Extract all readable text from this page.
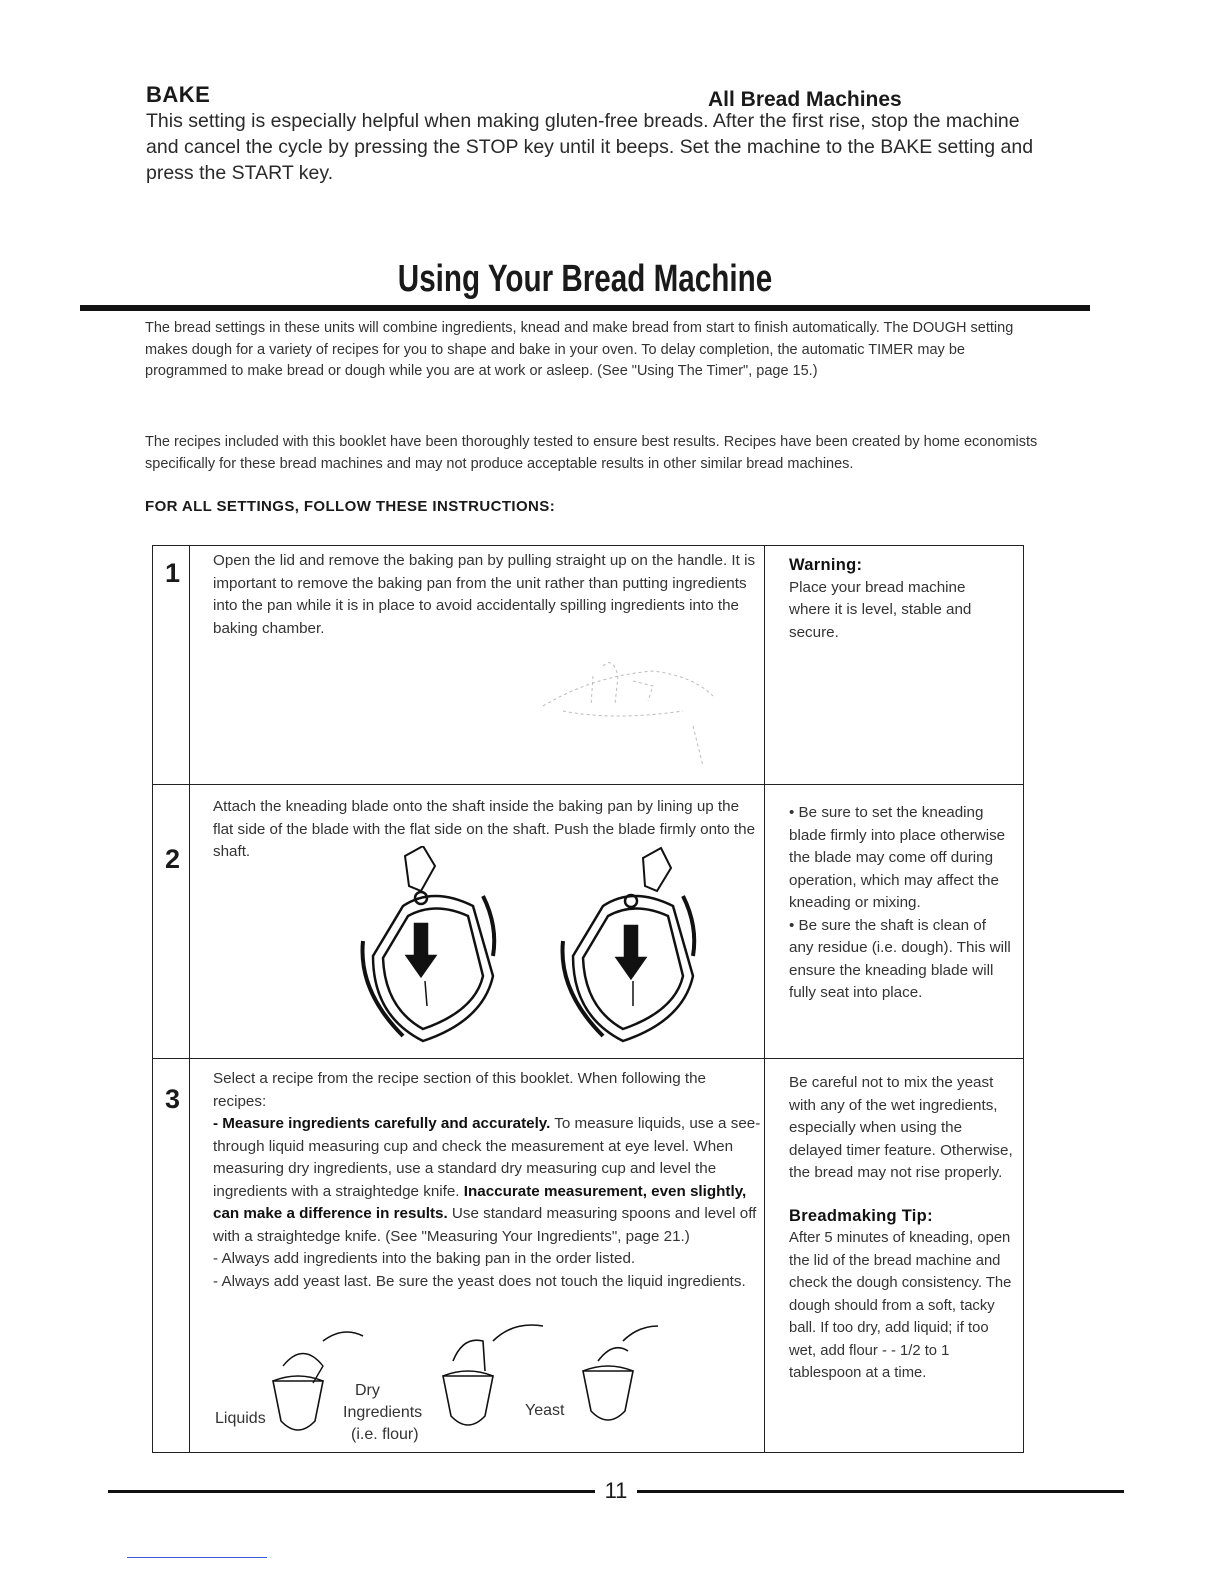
BAKE	All Bread Machines
This setting is especially helpful when making gluten-free breads. After the first rise, stop the machine and cancel the cycle by pressing the STOP key until it beeps. Set the machine to the BAKE setting and press the START key.
Using Your Bread Machine
The bread settings in these units will combine ingredients, knead and make bread from start to finish automatically. The DOUGH setting makes dough for a variety of recipes for you to shape and bake in your oven. To delay completion, the automatic TIMER may be programmed to make bread or dough while you are at work or asleep. (See "Using The Timer", page 15.)
The recipes included with this booklet have been thoroughly tested to ensure best results. Recipes have been created by home economists specifically for these bread machines and may not produce acceptable results in other similar bread machines.
FOR ALL SETTINGS, FOLLOW THESE INSTRUCTIONS:
1 Open the lid and remove the baking pan by pulling straight up on the handle. It is important to remove the baking pan from the unit rather than putting ingredients into the pan while it is in place to avoid accidentally spilling ingredients into the baking chamber.
Warning:
Place your bread machine where it is level, stable and secure.
2
Attach the kneading blade onto the shaft inside the baking pan by lining up the flat side of the blade with the flat side on the shaft. Push the blade firmly onto the shaft.
• Be sure to set the kneading blade firmly into place otherwise the blade may come off during operation, which may affect the kneading or mixing.
• Be sure the shaft is clean of any residue (i.e. dough). This will ensure the kneading blade will fully seat into place.
3
Select a recipe from the recipe section of this booklet. When following the recipes:
- Measure ingredients carefully and accurately. To measure liquids, use a see-through liquid measuring cup and check the measurement at eye level. When measuring dry ingredients, use a standard dry measuring cup and level the ingredients with a straightedge knife. Inaccurate measurement, even slightly, can make a difference in results. Use standard measuring spoons and level off with a straightedge knife. (See "Measuring Your Ingredients", page 21.)
- Always add ingredients into the baking pan in the order listed.
- Always add yeast last. Be sure the yeast does not touch the liquid ingredients.
Liquids
Dry
Ingredients
(i.e. flour)
Yeast
Be careful not to mix the yeast with any of the wet ingredients, especially when using the delayed timer feature. Otherwise, the bread may not rise properly.
Breadmaking Tip:
After 5 minutes of kneading, open the lid of the bread machine and check the dough consistency. The dough should from a soft, tacky ball. If too dry, add liquid; if too wet, add flour - - 1/2 to 1 tablespoon at a time.
11
